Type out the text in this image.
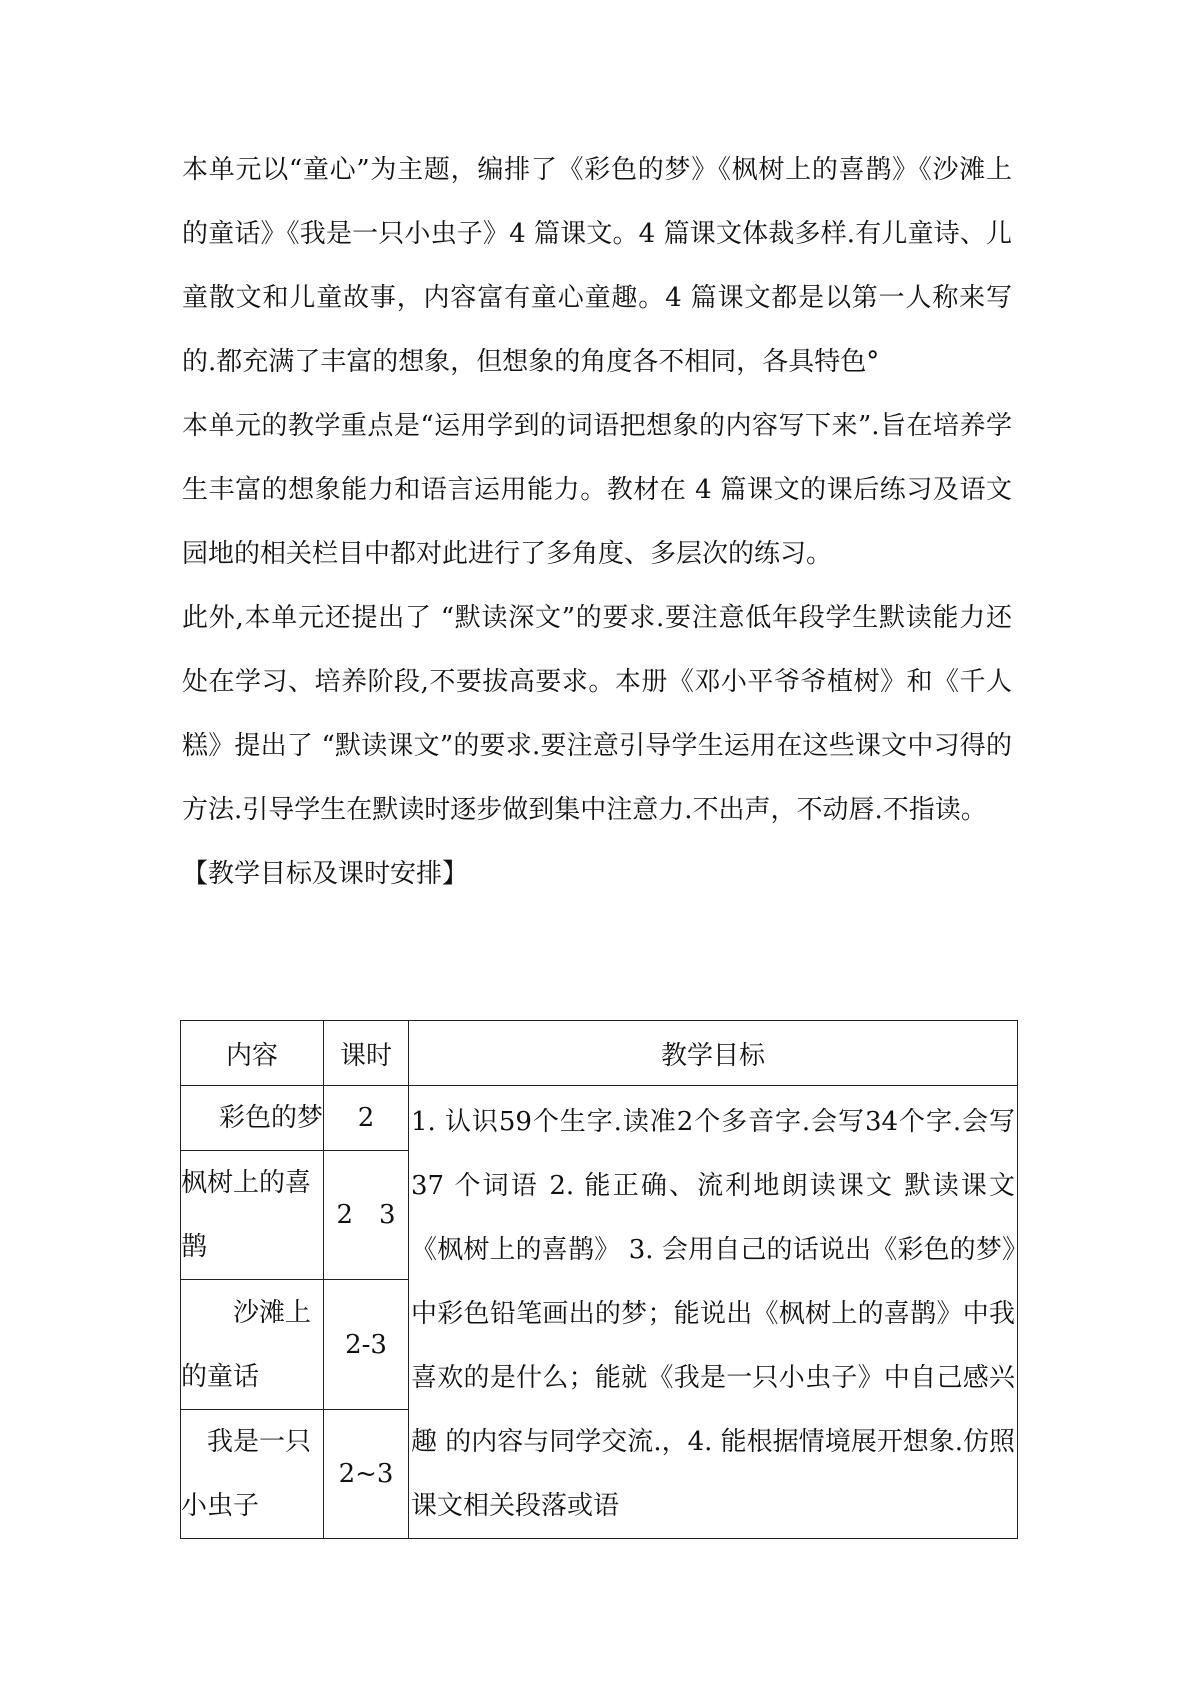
本单元以“童心”为主题，编排了《彩色的梦》《枫树上的喜鹊》《沙滩上的童话》《我是一只小虫子》4 篇课文。4 篇课文体裁多样.有儿童诗、儿童散文和儿童故事，内容富有童心童趣。4 篇课文都是以第一人称来写的.都充满了丰富的想象，但想象的角度各不相同，各具特色°

本单元的教学重点是“运用学到的词语把想象的内容写下来”.旨在培养学生丰富的想象能力和语言运用能力。教材在 4 篇课文的课后练习及语文园地的相关栏目中都对此进行了多角度、多层次的练习。

此外,本单元还提出了 “默读深文”的要求.要注意低年段学生默读能力还处在学习、培养阶段,不要拔高要求。本册《邓小平爷爷植树》和《千人糕》提出了 “默读课文”的要求.要注意引导学生运用在这些课文中习得的方法.引导学生在默读时逐步做到集中注意力.不出声，不动唇.不指读。

【教学目标及课时安排】

内容	课时	教学目标
彩色的梦	2	1. 认识59个生字.读准2个多音字.会写34个字.会写 37 个词语 2. 能正确、流利地朗读课文 默读课文《枫树上的喜鹊》 3. 会用自己的话说出《彩色的梦》中彩色铅笔画出的梦；能说出《枫树上的喜鹊》中我喜欢的是什么；能就《我是一只小虫子》中自己感兴趣 的内容与同学交流.，4. 能根据情境展开想象.仿照课文相关段落或语
枫树上的喜鹊	2　3	

沙滩上的童话	2-3	

我是一只小虫子	2~3	
